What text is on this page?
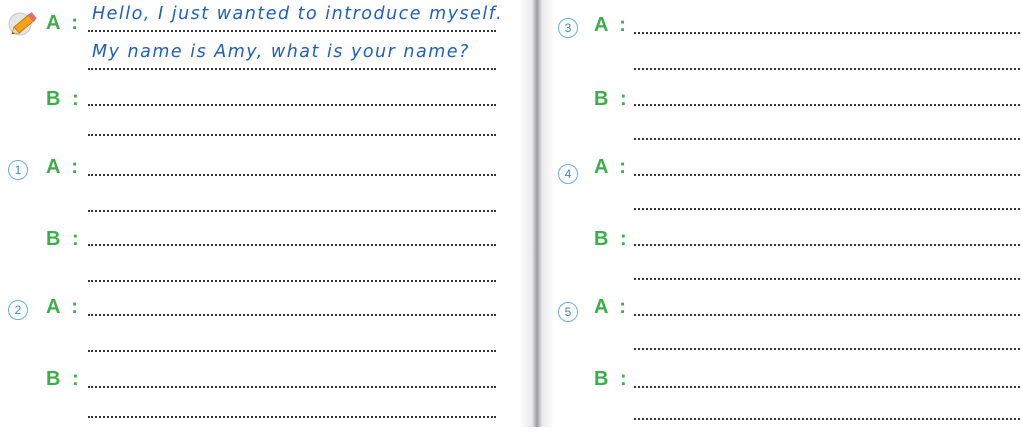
A : Hello, I just wanted to introduce myself.
My name is Amy, what is your name?
B :
1	A :
B :
2	A :
B :
3	A :
B :
4	A :
B :
5	A :
B :
